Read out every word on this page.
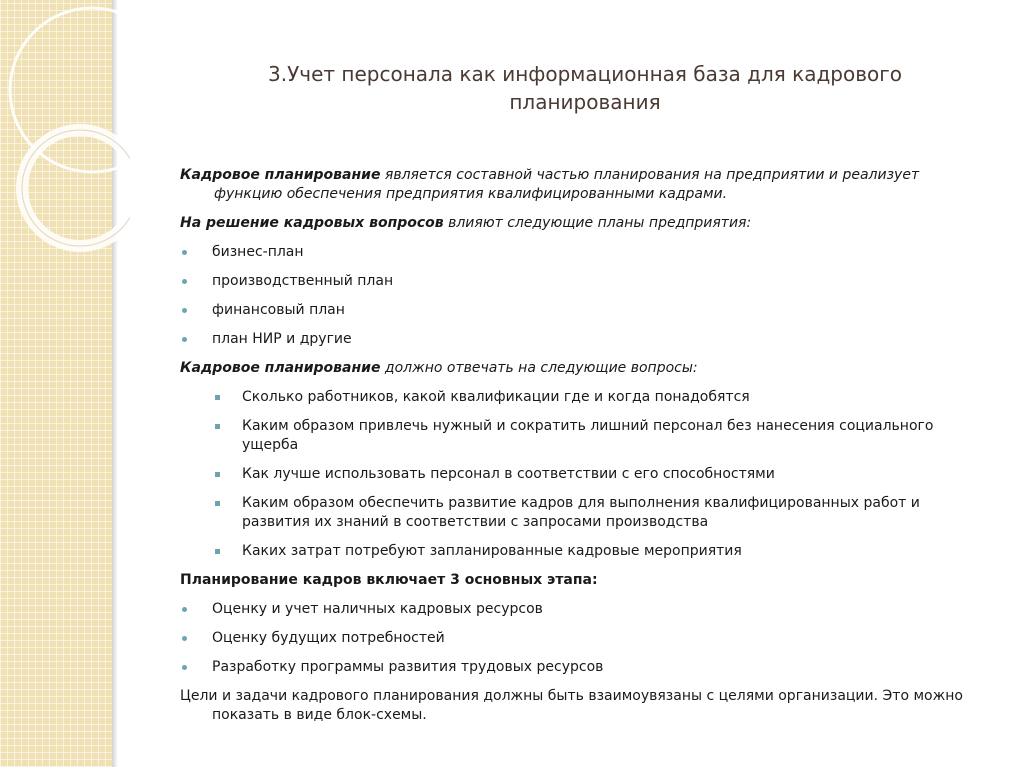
3.Учет персонала как информационная база для кадрового
планирования

Кадровое планирование является составной частью планирования на предприятии и реализует функцию обеспечения предприятия квалифицированными кадрами.

На решение кадровых вопросов влияют следующие планы предприятия:

бизнес-план
производственный план
финансовый план
план НИР и другие

Кадровое планирование должно отвечать на следующие вопросы:

Сколько работников, какой квалификации где и когда понадобятся
Каким образом привлечь нужный и сократить лишний персонал без нанесения социального ущерба
Как лучше использовать персонал в соответствии с его способностями
Каким образом обеспечить развитие кадров для выполнения квалифицированных работ и развития их знаний в соответствии с запросами производства
Каких затрат потребуют запланированные кадровые мероприятия

Планирование кадров включает 3 основных этапа:

Оценку и учет наличных кадровых ресурсов
Оценку будущих потребностей
Разработку программы развития трудовых ресурсов

Цели и задачи кадрового планирования должны быть взаимоувязаны с целями организации. Это можно показать в виде блок-схемы.
